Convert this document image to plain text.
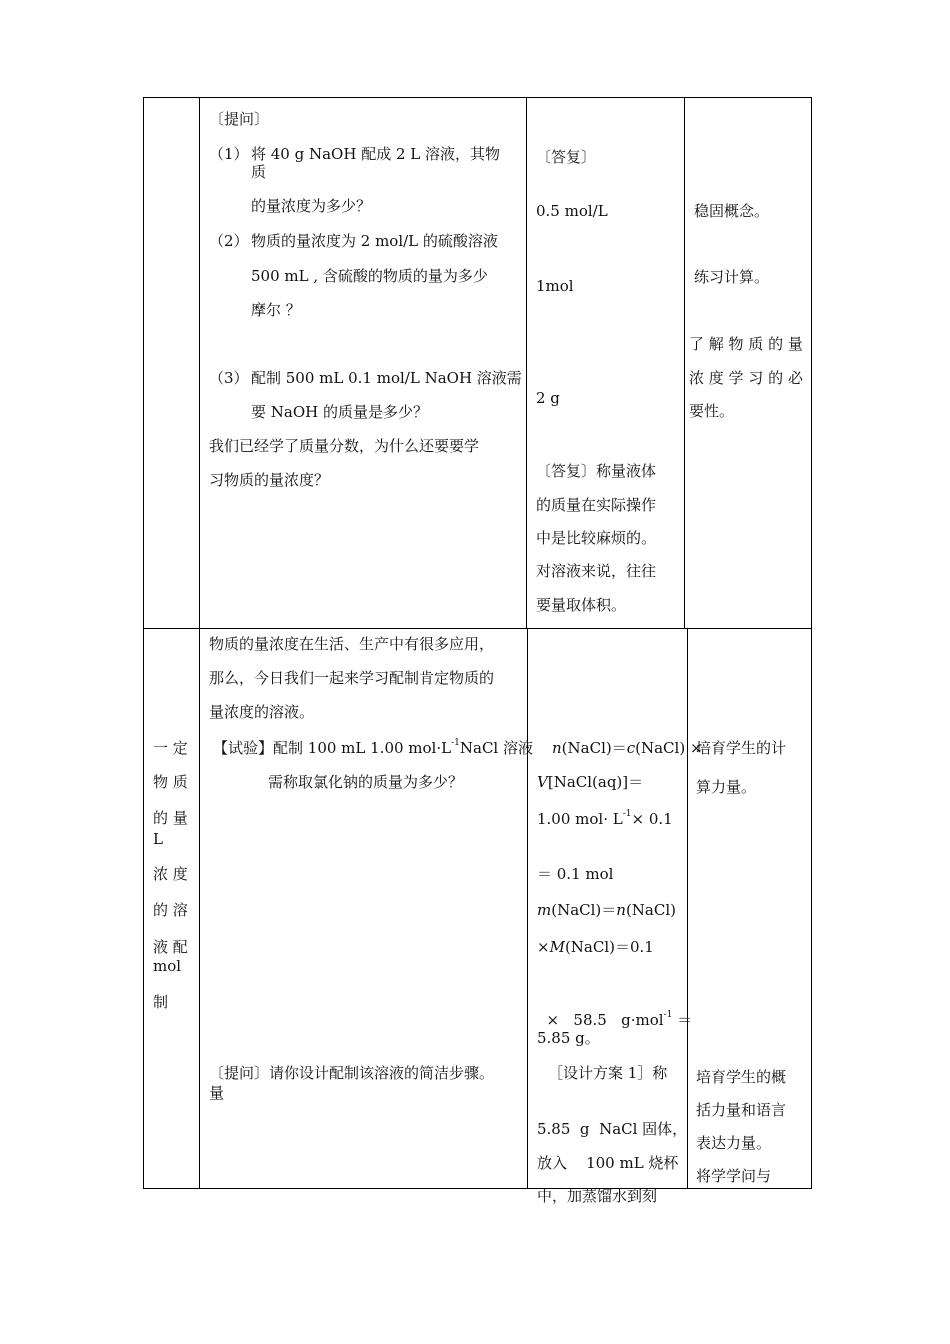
〔提问〕
（1） 将 40 g NaOH 配成 2 L 溶液，其物
质
的量浓度为多少？
（2） 物质的量浓度为 2 mol/L 的硫酸溶液
500 mL , 含硫酸的物质的量为多少
摩尔 ？
（3） 配制 500 mL 0.1 mol/L NaOH 溶液需
要 NaOH 的质量是多少？
我们已经学了质量分数，为什么还要要学
习物质的量浓度？
〔答复〕
0.5 mol/L
1mol
2 g
〔答复〕称量液体
的质量在实际操作
中是比较麻烦的。
对溶液来说，往往
要量取体积。
稳固概念。
练习计算。
了 解 物 质 的 量
浓 度 学 习 的 必
要性。
一 定
物 质
的 量
L
浓 度
的 溶
液 配
mol
制
物质的量浓度在生活、生产中有很多应用，
那么，今日我们一起来学习配制肯定物质的
量浓度的溶液。
【试验】配制 100 mL 1.00 $mol\cdot L^{-1}NaCl$ 溶液
需称取氯化钠的质量为多少？
〔提问〕请你设计配制该溶液的简洁步骤。
量
n(NaCl)＝c(NaCl) ×
V[NaCl(aq)]＝
1.00 $mol\cdot L^{-1}\times 0.1$
＝ 0.1 mol
m(NaCl)＝n(NaCl)
×M(NaCl)＝0.1

×   58.5   g·mol$^{-1}$ ＝

5.85 g。
［设计方案 1］称
5.85  g  NaCl 固体，
放入    100 mL 烧杯
中，加蒸馏水到刻
培育学生的计
算力量。
培育学生的概
括力量和语言
表达力量。
将学学问与
